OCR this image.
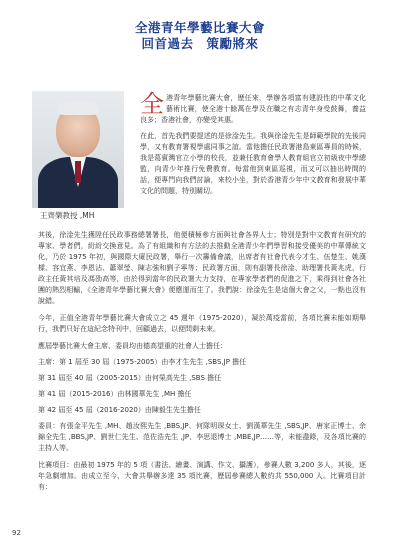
全港青年學藝比賽大會
回首過去　策勵將來
王齊樂教授 ,MH

全港青年學藝比賽大會，歷任來，學辦各項富有建設性的中華文化藝術比賽，使全港十餘萬在學及在職之有志青年身受鼓舞，養益良多；香港社會，亦變受其惠。

在此，首先我們要提述的是徐淦先生。我與徐淦先生是師範學院的先後同學，又有教育署視學處同事之誼。當他擔任民政署港島東區專員的時候，我是葛賓灣官立小學的校長，並兼任教育會學人教育組官立初級夜中學總監，向青少年推行免費教育。每當他到東區巡視，而又可以抽出時間的話，便專門向我們討論，來校小坐，對於香港青少年中文教育和發展中華文化的問題，特別關切。

其後，徐淦先生獲陞任民政事務總署署長，他便積極參方面與社會各界人士；特別是對中文教育有研究的專家、學者們，紛紛交換意見。為了有組織和有方法的去推動全港青少年們學習和接受優美的中華傳統文化，乃於 1975 年初，與國際大廈民政署，舉行一次籌備會議，出席者有社會代表今才生、伍楚生、姚漢樑、容宜燕、李恩沾、蕭翠瑩、陳志強和劉子寧等；民政署方面，則有副署長徐淦、助理署長黃兆虎、行政主任黃其培及馮劭高等，由於得到當年的民政署大力支持，在專家學者們的促進之下，乘得到社會各社團的熱烈相輸，《全港青年學藝比賽大會》便應運而生了。我們說：徐淦先生是這個大會之父，一點也沒有說錯。

今年，正值全港青年學藝比賽大會成立之 45 週年（1975-2020），凝於萬疫當前，各項比賽未能如期舉行，我們只好在這紀念特刊中，回顧過去，以便問剩未來。

應屆學藝比賽大會主席、委員均由德高望重的社會人士擔任：

主席：第 1 屆至 30 屆（1975-2005）由李才生先生 ,SBS,JP 擔任

第 31 屆至 40 屆（2005-2015）由何榮高先生 ,SBS 擔任

第 41 屆（2015-2016）由林國華先生 ,MH 擔任

第 42 屆至 45 屆（2016-2020）由陳毅生先生擔任

委員：有張金平先生 ,MH、趙汝熙先生 ,BBS,JP、何隊明琛女士、劉漢華先生 ,SBS,JP、唐家正博士、余錦全先生 ,BBS,JP、劉世仁先生、范佐浩先生 ,JP、李思退博士 ,MBE,JP……等，未能盡錄，及各項比賽的主持人等。

比賽項目：由最初 1975 年的 5 項（書法、繪畫、演講、作文、攝護），參賽人數 3,200 多人，其後，逐年急劇增加。由成立至今，大會共舉辦多達 35 項比賽，歷屆參賽總人數約共 550,000 人。比賽項目計有：

92
